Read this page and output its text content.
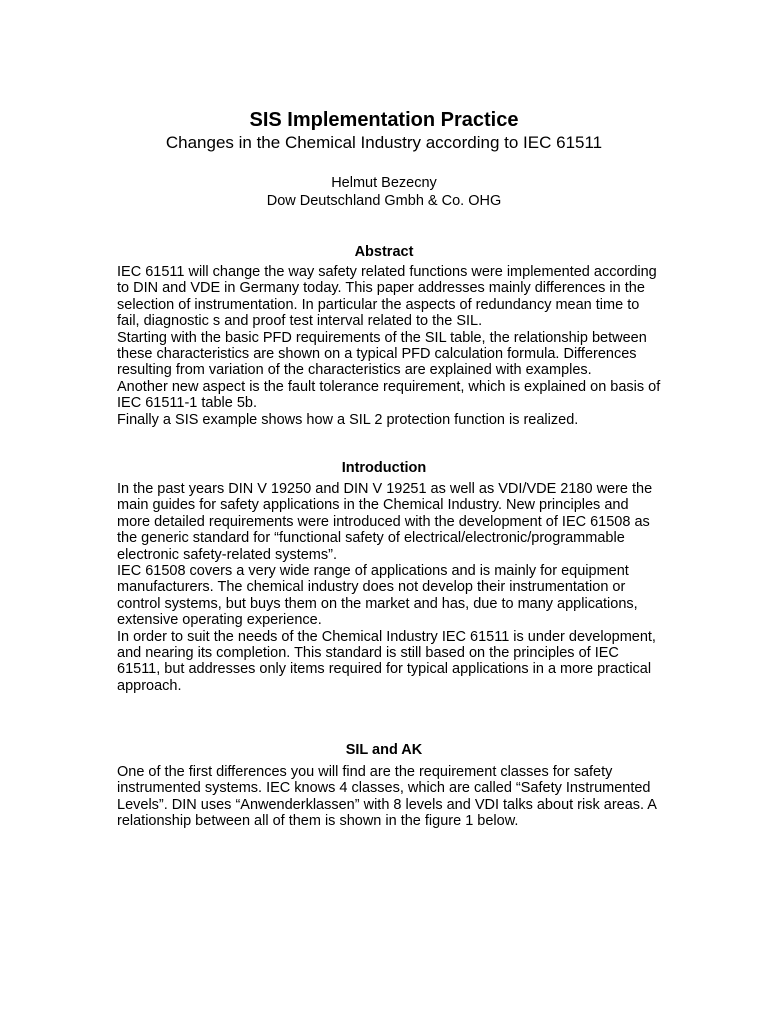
SIS Implementation Practice
Changes in the Chemical Industry according to IEC 61511
Helmut Bezecny
Dow Deutschland Gmbh & Co. OHG
Abstract
IEC 61511 will change the way safety related functions were implemented according
to DIN and VDE in Germany today. This paper addresses mainly differences in the
selection of instrumentation. In particular the aspects of redundancy mean time to
fail, diagnostic s and proof test interval related to the SIL.
Starting with the basic PFD requirements of the SIL table, the relationship between
these characteristics are shown on a typical PFD calculation formula. Differences
resulting from variation of the characteristics are explained with examples.
Another new aspect is the fault tolerance requirement, which is explained on basis of
IEC 61511-1 table 5b.
Finally a SIS example shows how a SIL 2 protection function is realized.
Introduction
In the past years DIN V 19250 and DIN V 19251 as well as VDI/VDE 2180 were the
main guides for safety applications in the Chemical Industry. New principles and
more detailed requirements were introduced with the development of IEC 61508 as
the generic standard for “functional safety of electrical/electronic/programmable
electronic safety-related systems”.
IEC 61508 covers a very wide range of applications and is mainly for equipment
manufacturers. The chemical industry does not develop their instrumentation or
control systems, but buys them on the market and has, due to many applications,
extensive operating experience.
In order to suit the needs of the Chemical Industry IEC 61511 is under development,
and nearing its completion. This standard is still based on the principles of IEC
61511, but addresses only items required for typical applications in a more practical
approach.
SIL and AK
One of the first differences you will find are the requirement classes for safety
instrumented systems. IEC knows 4 classes, which are called “Safety Instrumented
Levels”. DIN uses “Anwenderklassen” with 8 levels and VDI talks about risk areas. A
relationship between all of them is shown in the figure 1 below.
